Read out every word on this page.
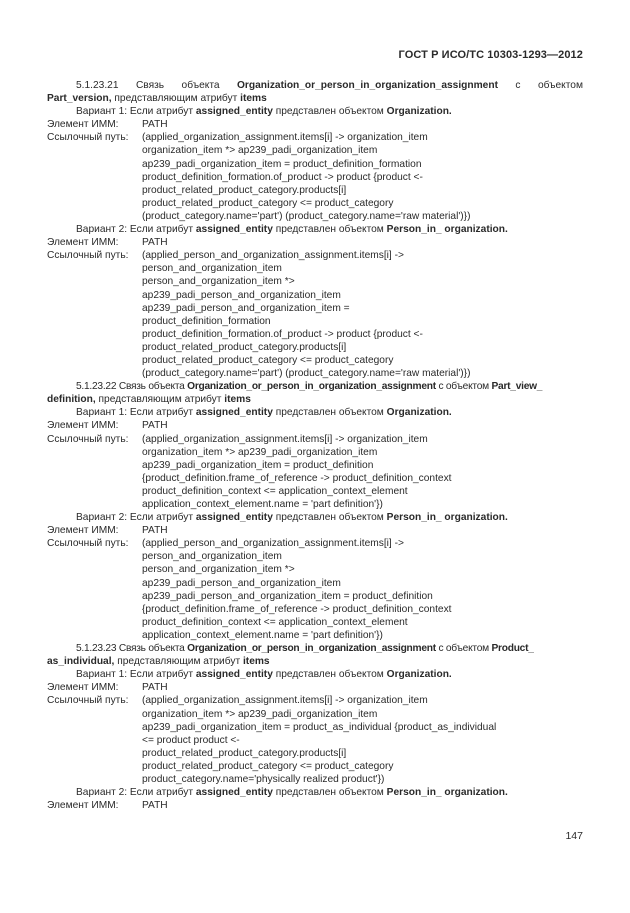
ГОСТ Р ИСО/ТС 10303-1293—2012
5.1.23.21 Связь объекта Organization_or_person_in_organization_assignment с объектом
Part_version, представляющим атрибут items
Вариант 1: Если атрибут assigned_entity представлен объектом Organization.
Элемент ИММ: PATH
Ссылочный путь: (applied_organization_assignment.items[i] -> organization_item
organization_item *> ap239_padi_organization_item
ap239_padi_organization_item = product_definition_formation
product_definition_formation.of_product -> product {product <-
product_related_product_category.products[i]
product_related_product_category <= product_category
(product_category.name='part') (product_category.name='raw material')})
Вариант 2: Если атрибут assigned_entity представлен объектом Person_in_ organization.
Элемент ИММ: PATH
Ссылочный путь: (applied_person_and_organization_assignment.items[i] ->
person_and_organization_item
person_and_organization_item *>
ap239_padi_person_and_organization_item
ap239_padi_person_and_organization_item =
product_definition_formation
product_definition_formation.of_product -> product {product <-
product_related_product_category.products[i]
product_related_product_category <= product_category
(product_category.name='part') (product_category.name='raw material')})
5.1.23.22 Связь объекта Organization_or_person_in_organization_assignment с объектом Part_view_
definition, представляющим атрибут items
Вариант 1: Если атрибут assigned_entity представлен объектом Organization.
Элемент ИММ: PATH
Ссылочный путь: (applied_organization_assignment.items[i] -> organization_item
organization_item *> ap239_padi_organization_item
ap239_padi_organization_item = product_definition
{product_definition.frame_of_reference -> product_definition_context
product_definition_context <= application_context_element
application_context_element.name = 'part definition'})
Вариант 2: Если атрибут assigned_entity представлен объектом Person_in_ organization.
Элемент ИММ: PATH
Ссылочный путь: (applied_person_and_organization_assignment.items[i] ->
person_and_organization_item
person_and_organization_item *>
ap239_padi_person_and_organization_item
ap239_padi_person_and_organization_item = product_definition
{product_definition.frame_of_reference -> product_definition_context
product_definition_context <= application_context_element
application_context_element.name = 'part definition'})
5.1.23.23 Связь объекта Organization_or_person_in_organization_assignment с объектом Product_
as_individual, представляющим атрибут items
Вариант 1: Если атрибут assigned_entity представлен объектом Organization.
Элемент ИММ: PATH
Ссылочный путь: (applied_organization_assignment.items[i] -> organization_item
organization_item *> ap239_padi_organization_item
ap239_padi_organization_item = product_as_individual {product_as_individual
<= product product <-
product_related_product_category.products[i]
product_related_product_category <= product_category
product_category.name='physically realized product'})
Вариант 2: Если атрибут assigned_entity представлен объектом Person_in_ organization.
Элемент ИММ: PATH
147
